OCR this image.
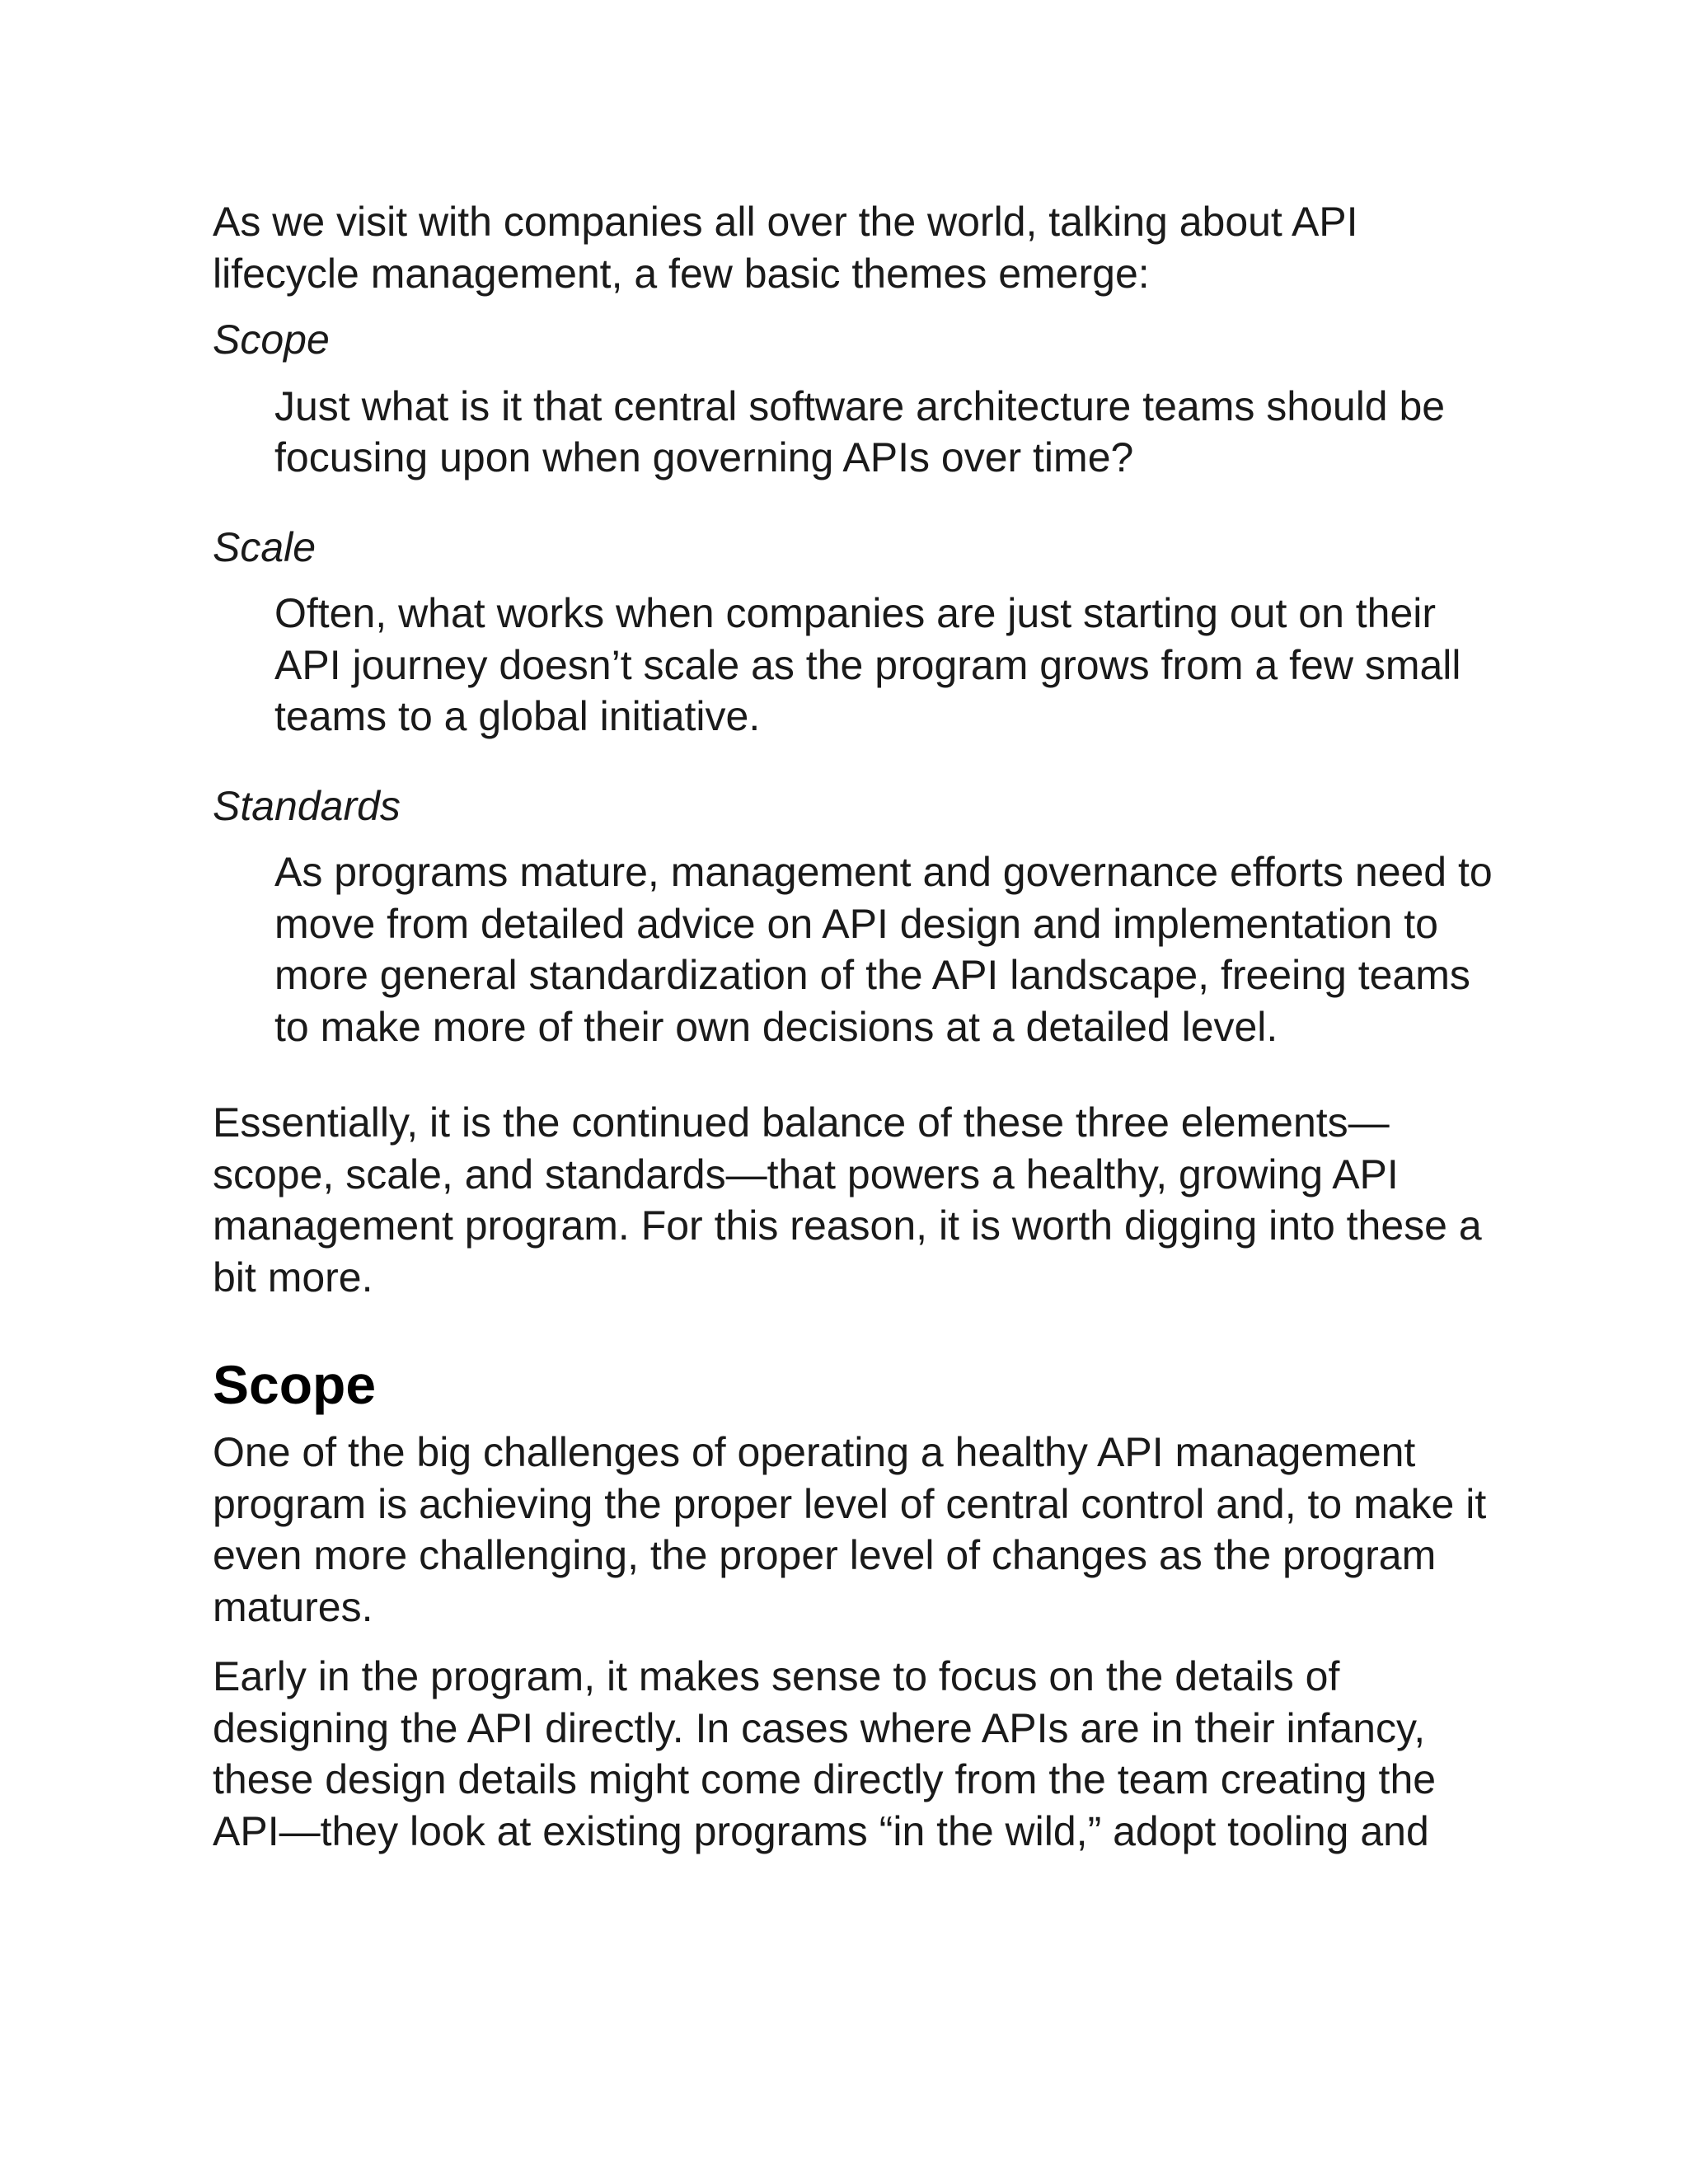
As we visit with companies all over the world, talking about API lifecycle management, a few basic themes emerge:

Scope

Just what is it that central software architecture teams should be focusing upon when governing APIs over time?

Scale

Often, what works when companies are just starting out on their API journey doesn’t scale as the program grows from a few small teams to a global initiative.

Standards

As programs mature, management and governance efforts need to move from detailed advice on API design and implementation to more general standardization of the API landscape, freeing teams to make more of their own decisions at a detailed level.

Essentially, it is the continued balance of these three elements—scope, scale, and standards—that powers a healthy, growing API management program. For this reason, it is worth digging into these a bit more.

Scope

One of the big challenges of operating a healthy API management program is achieving the proper level of central control and, to make it even more challenging, the proper level of changes as the program matures.

Early in the program, it makes sense to focus on the details of designing the API directly. In cases where APIs are in their infancy, these design details might come directly from the team creating the API—they look at existing programs “in the wild,” adopt tooling and
